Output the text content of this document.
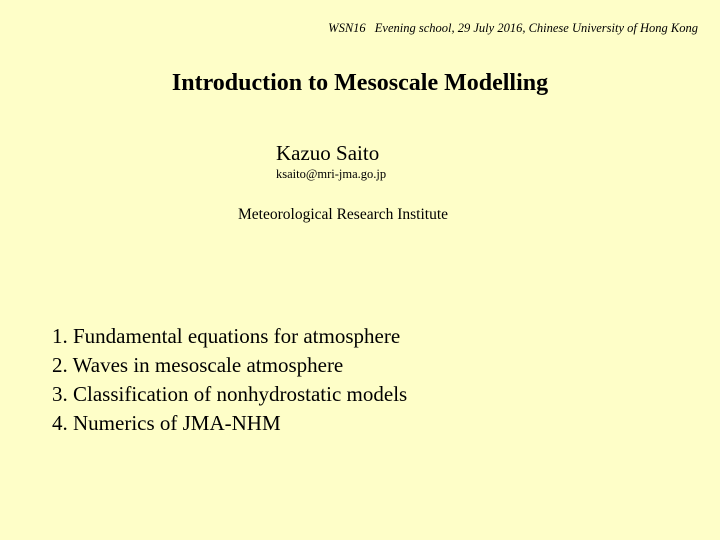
WSN16 Evening school, 29 July 2016, Chinese University of Hong Kong
Introduction to Mesoscale Modelling
Kazuo Saito
ksaito@mri-jma.go.jp
Meteorological Research Institute
1. Fundamental equations for atmosphere
2. Waves in mesoscale atmosphere
3. Classification of nonhydrostatic models
4. Numerics of JMA-NHM
